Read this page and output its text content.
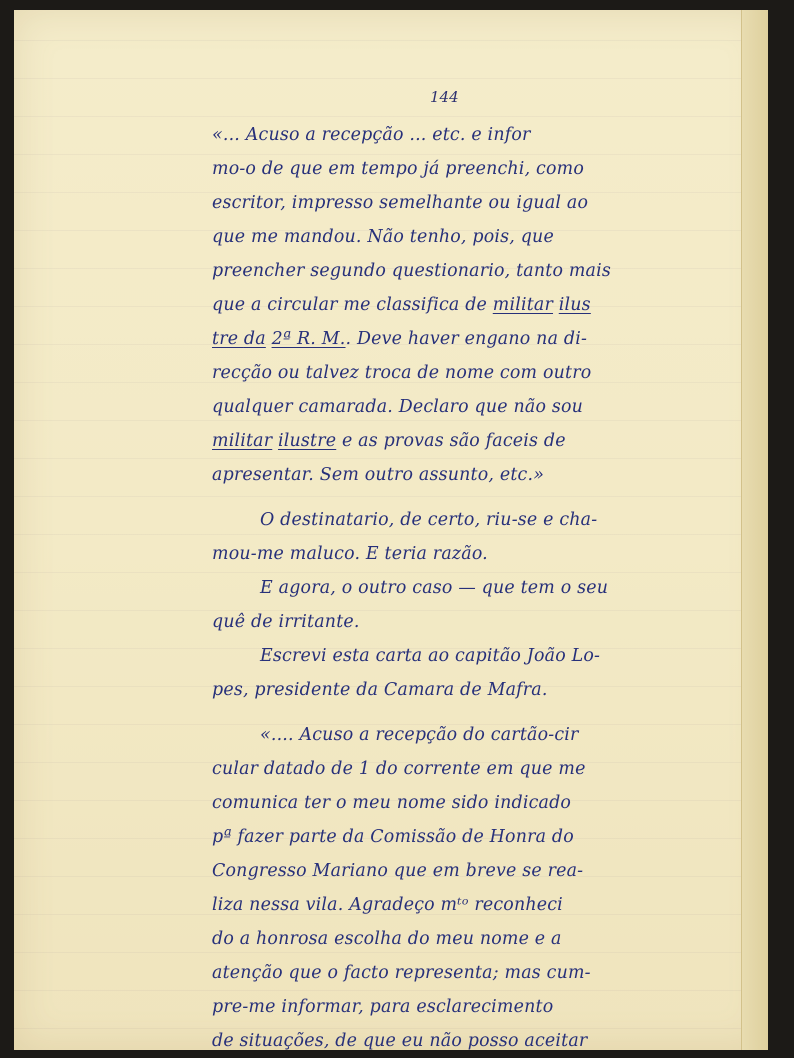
144
«... Acuso a recepção ... etc. e infor
mo-o de que em tempo já preenchi, como
escritor, impresso semelhante ou igual ao
que me mandou. Não tenho, pois, que
preencher segundo questionario, tanto mais
que a circular me classifica de militar ilus
tre da 2ª R. M.. Deve haver engano na di-
recção ou talvez troca de nome com outro
qualquer camarada. Declaro que não sou
militar ilustre e as provas são faceis de
apresentar. Sem outro assunto, etc.»
O destinatario, de certo, riu-se e cha-
mou-me maluco. E teria razão.
E agora, o outro caso — que tem o seu
quê de irritante.
Escrevi esta carta ao capitão João Lo-
pes, presidente da Camara de Mafra.
«.... Acuso a recepção do cartão-cir
cular datado de 1 do corrente em que me
comunica ter o meu nome sido indicado
pª fazer parte da Comissão de Honra do
Congresso Mariano que em breve se rea-
liza nessa vila. Agradeço mᵗᵒ reconheci
do a honrosa escolha do meu nome e a
atenção que o facto representa; mas cum-
pre-me informar, para esclarecimento
de situações, de que eu não posso aceitar
